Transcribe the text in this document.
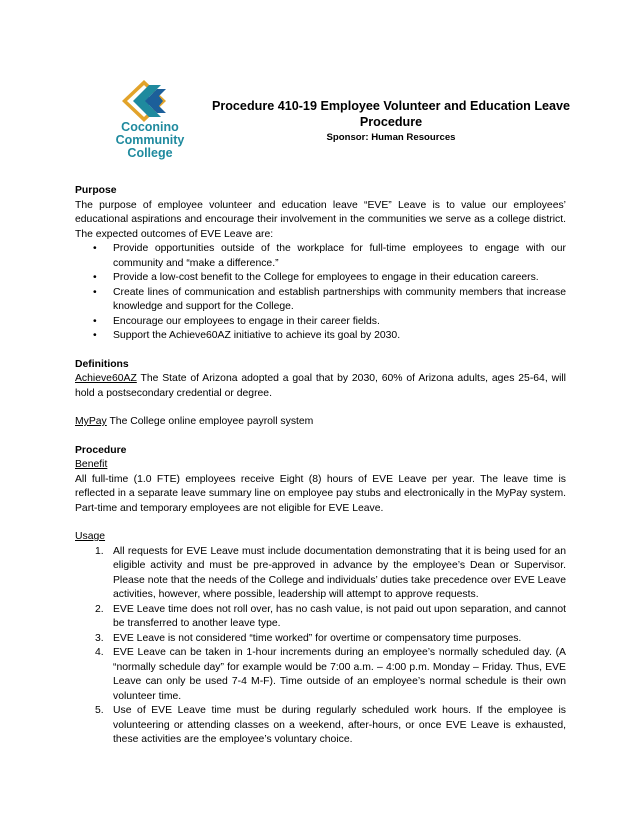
Coconino
Community
College
Procedure 410-19 Employee Volunteer and Education Leave
Procedure
Sponsor: Human Resources
Purpose

The purpose of employee volunteer and education leave “EVE” Leave is to value our employees’ educational aspirations and encourage their involvement in the communities we serve as a college district. The expected outcomes of EVE Leave are:

• Provide opportunities outside of the workplace for full-time employees to engage with our community and “make a difference.”
• Provide a low-cost benefit to the College for employees to engage in their education careers.
• Create lines of communication and establish partnerships with community members that increase knowledge and support for the College.
• Encourage our employees to engage in their career fields.
• Support the Achieve60AZ initiative to achieve its goal by 2030.
Definitions

Achieve60AZ The State of Arizona adopted a goal that by 2030, 60% of Arizona adults, ages 25-64, will hold a postsecondary credential or degree.

MyPay The College online employee payroll system

Procedure
Benefit

All full-time (1.0 FTE) employees receive Eight (8) hours of EVE Leave per year. The leave time is reflected in a separate leave summary line on employee pay stubs and electronically in the MyPay system. Part-time and temporary employees are not eligible for EVE Leave.

Usage
1. All requests for EVE Leave must include documentation demonstrating that it is being used for an eligible activity and must be pre-approved in advance by the employee’s Dean or Supervisor. Please note that the needs of the College and individuals’ duties take precedence over EVE Leave activities, however, where possible, leadership will attempt to approve requests.
2. EVE Leave time does not roll over, has no cash value, is not paid out upon separation, and cannot be transferred to another leave type.
3. EVE Leave is not considered “time worked” for overtime or compensatory time purposes.
4. EVE Leave can be taken in 1-hour increments during an employee’s normally scheduled day. (A “normally schedule day” for example would be 7:00 a.m. – 4:00 p.m. Monday – Friday. Thus, EVE Leave can only be used 7-4 M-F). Time outside of an employee’s normal schedule is their own volunteer time.
5. Use of EVE Leave time must be during regularly scheduled work hours. If the employee is volunteering or attending classes on a weekend, after-hours, or once EVE Leave is exhausted, these activities are the employee’s voluntary choice.
